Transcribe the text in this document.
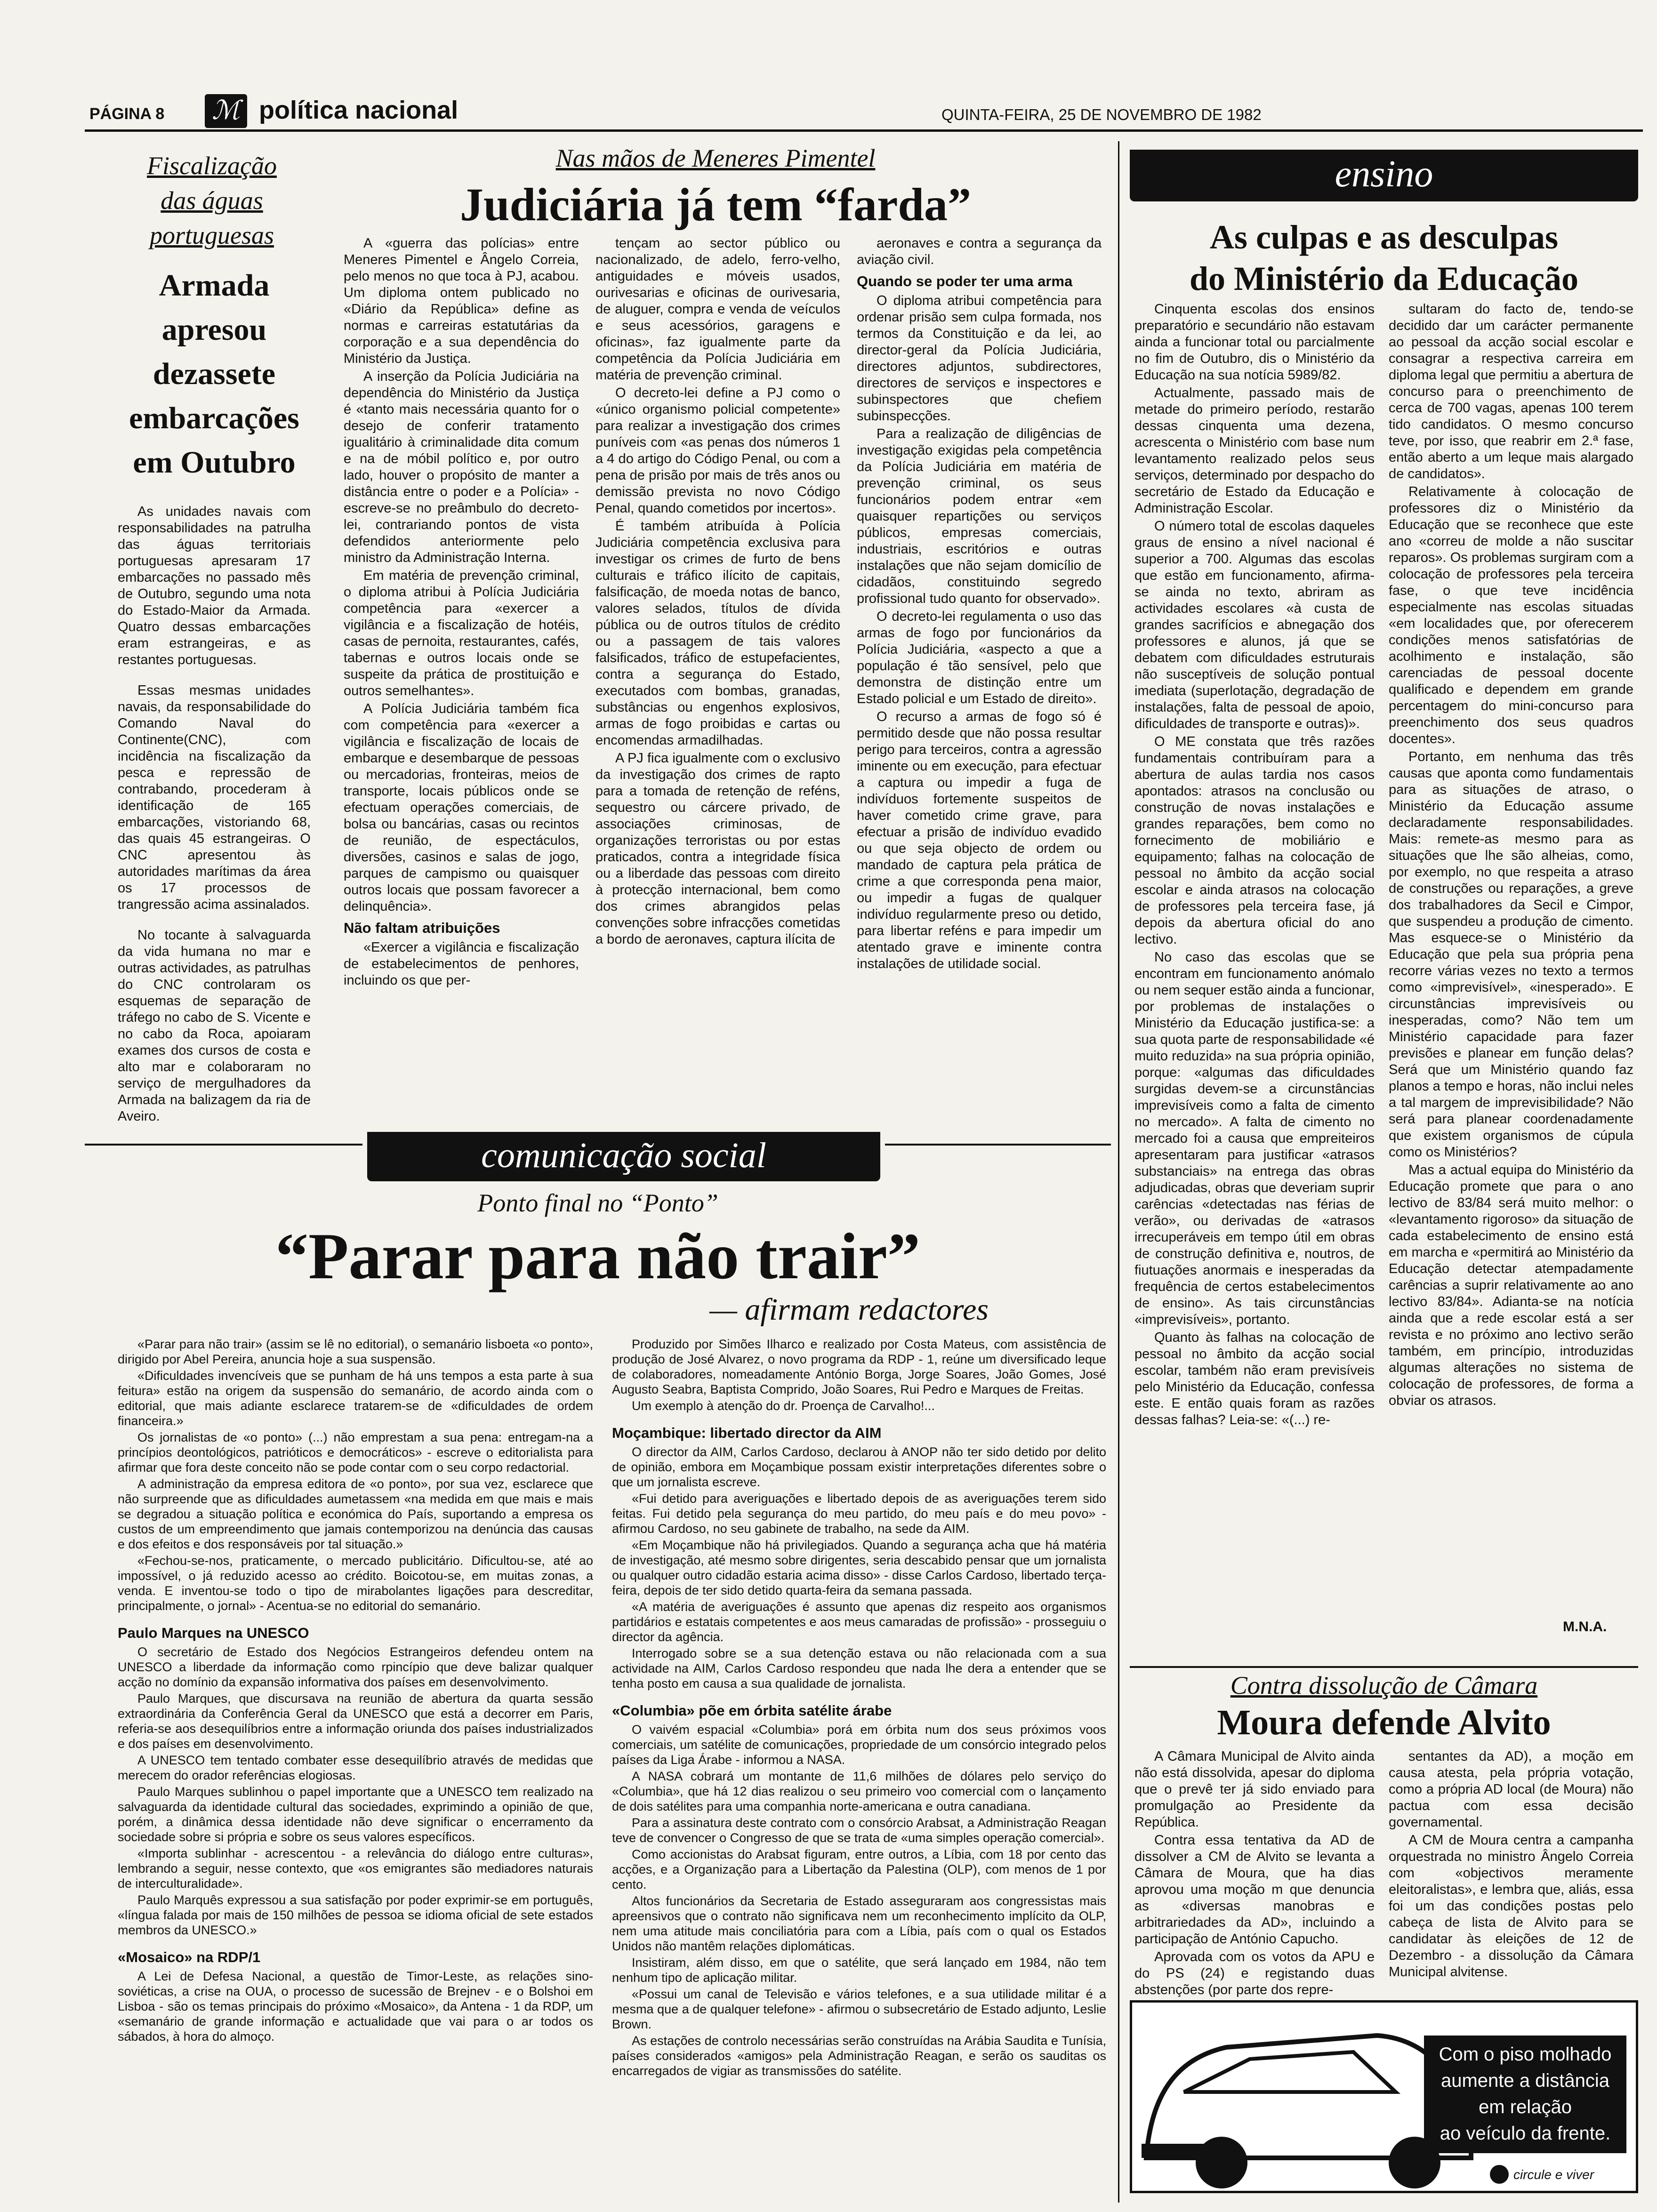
PÁGINA 8 ℳ política nacional	QUINTA-FEIRA, 25 DE NOVEMBRO DE 1982
Fiscalização
das águas
portuguesas
Armada
apresou
dezassete
embarcações
em Outubro

As unidades navais com responsabilidades na patrulha das águas territoriais portuguesas apresaram 17 embarcações no passado mês de Outubro, segundo uma nota do Estado-Maior da Armada. Quatro dessas embarcações eram estrangeiras, e as restantes portuguesas.

Essas mesmas unidades navais, da responsabilidade do Comando Naval do Continente(CNC), com incidência na fiscalização da pesca e repressão de contrabando, procederam à identificação de 165 embarcações, vistoriando 68, das quais 45 estrangeiras. O CNC apresentou às autoridades marítimas da área os 17 processos de trangressão acima assinalados.

No tocante à salvaguarda da vida humana no mar e outras actividades, as patrulhas do CNC controlaram os esquemas de separação de tráfego no cabo de S. Vicente e no cabo da Roca, apoiaram exames dos cursos de costa e alto mar e colaboraram no serviço de mergulhadores da Armada na balizagem da ria de Aveiro.

Nas mãos de Meneres Pimentel
Judiciária já tem “farda”

A «guerra das polícias» entre Meneres Pimentel e Ângelo Correia, pelo menos no que toca à PJ, acabou. Um diploma ontem publicado no «Diário da República» define as normas e carreiras estatutárias da corporação e a sua dependência do Ministério da Justiça.

A inserção da Polícia Judiciária na dependência do Ministério da Justiça é «tanto mais necessária quanto for o desejo de conferir tratamento igualitário à criminalidade dita comum e na de móbil político e, por outro lado, houver o propósito de manter a distância entre o poder e a Polícia» - escreve-se no preâmbulo do decreto-lei, contrariando pontos de vista defendidos anteriormente pelo ministro da Administração Interna.

Em matéria de prevenção criminal, o diploma atribui à Polícia Judiciária competência para «exercer a vigilância e a fiscalização de hotéis, casas de pernoita, restaurantes, cafés, tabernas e outros locais onde se suspeite da prática de prostituição e outros semelhantes».

A Polícia Judiciária também fica com competência para «exercer a vigilância e fiscalização de locais de embarque e desembarque de pessoas ou mercadorias, fronteiras, meios de transporte, locais públicos onde se efectuam operações comerciais, de bolsa ou bancárias, casas ou recintos de reunião, de espectáculos, diversões, casinos e salas de jogo, parques de campismo ou quaisquer outros locais que possam favorecer a delinquência».

Não faltam atribuições

«Exercer a vigilância e fiscalização de estabelecimentos de penhores, incluindo os que per-

tençam ao sector público ou nacionalizado, de adelo, ferro-velho, antiguidades e móveis usados, ourivesarias e oficinas de ourivesaria, de aluguer, compra e venda de veículos e seus acessórios, garagens e oficinas», faz igualmente parte da competência da Polícia Judiciária em matéria de prevenção criminal.

O decreto-lei define a PJ como o «único organismo policial competente» para realizar a investigação dos crimes puníveis com «as penas dos números 1 a 4 do artigo do Código Penal, ou com a pena de prisão por mais de três anos ou demissão prevista no novo Código Penal, quando cometidos por incertos».

É também atribuída à Polícia Judiciária competência exclusiva para investigar os crimes de furto de bens culturais e tráfico ilícito de capitais, falsificação, de moeda notas de banco, valores selados, títulos de dívida pública ou de outros títulos de crédito ou a passagem de tais valores falsificados, tráfico de estupefacientes, contra a segurança do Estado, executados com bombas, granadas, substâncias ou engenhos explosivos, armas de fogo proibidas e cartas ou encomendas armadilhadas.

A PJ fica igualmente com o exclusivo da investigação dos crimes de rapto para a tomada de retenção de reféns, sequestro ou cárcere privado, de associações criminosas, de organizações terroristas ou por estas praticados, contra a integridade física ou a liberdade das pessoas com direito à protecção internacional, bem como dos crimes abrangidos pelas convenções sobre infracções cometidas a bordo de aeronaves, captura ilícita de

aeronaves e contra a segurança da aviação civil.

Quando se poder ter uma arma

O diploma atribui competência para ordenar prisão sem culpa formada, nos termos da Constituição e da lei, ao director-geral da Polícia Judiciária, directores adjuntos, subdirectores, directores de serviços e inspectores e subinspectores que chefiem subinspecções.

Para a realização de diligências de investigação exigidas pela competência da Polícia Judiciária em matéria de prevenção criminal, os seus funcionários podem entrar «em quaisquer repartições ou serviços públicos, empresas comerciais, industriais, escritórios e outras instalações que não sejam domicílio de cidadãos, constituindo segredo profissional tudo quanto for observado».

O decreto-lei regulamenta o uso das armas de fogo por funcionários da Polícia Judiciária, «aspecto a que a população é tão sensível, pelo que demonstra de distinção entre um Estado policial e um Estado de direito».

O recurso a armas de fogo só é permitido desde que não possa resultar perigo para terceiros, contra a agressão iminente ou em execução, para efectuar a captura ou impedir a fuga de indivíduos fortemente suspeitos de haver cometido crime grave, para efectuar a prisão de indivíduo evadido ou que seja objecto de ordem ou mandado de captura pela prática de crime a que corresponda pena maior, ou impedir a fugas de qualquer indivíduo regularmente preso ou detido, para libertar reféns e para impedir um atentado grave e iminente contra instalações de utilidade social.

ensino
As culpas e as desculpas
do Ministério da Educação

Cinquenta escolas dos ensinos preparatório e secundário não estavam ainda a funcionar total ou parcialmente no fim de Outubro, dis o Ministério da Educação na sua notícia 5989/82.

Actualmente, passado mais de metade do primeiro período, restarão dessas cinquenta uma dezena, acrescenta o Ministério com base num levantamento realizado pelos seus serviços, determinado por despacho do secretário de Estado da Educação e Administração Escolar.

O número total de escolas daqueles graus de ensino a nível nacional é superior a 700. Algumas das escolas que estão em funcionamento, afirma-se ainda no texto, abriram as actividades escolares «à custa de grandes sacrifícios e abnegação dos professores e alunos, já que se debatem com dificuldades estruturais não susceptíveis de solução pontual imediata (superlotação, degradação de instalações, falta de pessoal de apoio, dificuldades de transporte e outras)».

O ME constata que três razões fundamentais contribuíram para a abertura de aulas tardia nos casos apontados: atrasos na conclusão ou construção de novas instalações e grandes reparações, bem como no fornecimento de mobiliário e equipamento; falhas na colocação de pessoal no âmbito da acção social escolar e ainda atrasos na colocação de professores pela terceira fase, já depois da abertura oficial do ano lectivo.

No caso das escolas que se encontram em funcionamento anómalo ou nem sequer estão ainda a funcionar, por problemas de instalações o Ministério da Educação justifica-se: a sua quota parte de responsabilidade «é muito reduzida» na sua própria opinião, porque: «algumas das dificuldades surgidas devem-se a circunstâncias imprevisíveis como a falta de cimento no mercado». A falta de cimento no mercado foi a causa que empreiteiros apresentaram para justificar «atrasos substanciais» na entrega das obras adjudicadas, obras que deveriam suprir carências «detectadas nas férias de verão», ou derivadas de «atrasos irrecuperáveis em tempo útil em obras de construção definitiva e, noutros, de fiutuações anormais e inesperadas da frequência de certos estabelecimentos de ensino». As tais circunstâncias «imprevisíveis», portanto.

Quanto às falhas na colocação de pessoal no âmbito da acção social escolar, também não eram previsíveis pelo Ministério da Educação, confessa este. E então quais foram as razões dessas falhas? Leia-se: «(...) re-

sultaram do facto de, tendo-se decidido dar um carácter permanente ao pessoal da acção social escolar e consagrar a respectiva carreira em diploma legal que permitiu a abertura de concurso para o preenchimento de cerca de 700 vagas, apenas 100 terem tido candidatos. O mesmo concurso teve, por isso, que reabrir em 2.ª fase, então aberto a um leque mais alargado de candidatos».

Relativamente à colocação de professores diz o Ministério da Educação que se reconhece que este ano «correu de molde a não suscitar reparos». Os problemas surgiram com a colocação de professores pela terceira fase, o que teve incidência especialmente nas escolas situadas «em localidades que, por oferecerem condições menos satisfatórias de acolhimento e instalação, são carenciadas de pessoal docente qualificado e dependem em grande percentagem do mini-concurso para preenchimento dos seus quadros docentes».

Portanto, em nenhuma das três causas que aponta como fundamentais para as situações de atraso, o Ministério da Educação assume declaradamente responsabilidades. Mais: remete-as mesmo para as situações que lhe são alheias, como, por exemplo, no que respeita a atraso de construções ou reparações, a greve dos trabalhadores da Secil e Cimpor, que suspendeu a produção de cimento. Mas esquece-se o Ministério da Educação que pela sua própria pena recorre várias vezes no texto a termos como «imprevisível», «inesperado». E circunstâncias imprevisíveis ou inesperadas, como? Não tem um Ministério capacidade para fazer previsões e planear em função delas? Será que um Ministério quando faz planos a tempo e horas, não inclui neles a tal margem de imprevisibilidade? Não será para planear coordenadamente que existem organismos de cúpula como os Ministérios?

Mas a actual equipa do Ministério da Educação promete que para o ano lectivo de 83/84 será muito melhor: o «levantamento rigoroso» da situação de cada estabelecimento de ensino está em marcha e «permitirá ao Ministério da Educação detectar atempadamente carências a suprir relativamente ao ano lectivo 83/84». Adianta-se na notícia ainda que a rede escolar está a ser revista e no próximo ano lectivo serão também, em princípio, introduzidas algumas alterações no sistema de colocação de professores, de forma a obviar os atrasos.

M.N.A.
Contra dissolução de Câmara
Moura defende Alvito

A Câmara Municipal de Alvito ainda não está dissolvida, apesar do diploma que o prevê ter já sido enviado para promulgação ao Presidente da República.

Contra essa tentativa da AD de dissolver a CM de Alvito se levanta a Câmara de Moura, que ha dias aprovou uma moção m que denuncia as «diversas manobras e arbitrariedades da AD», incluindo a participação de António Capucho.

Aprovada com os votos da APU e do PS (24) e registando duas abstenções (por parte dos repre-

sentantes da AD), a moção em causa atesta, pela própria votação, como a própria AD local (de Moura) não pactua com essa decisão governamental.

A CM de Moura centra a campanha orquestrada no ministro Ângelo Correia com «objectivos meramente eleitoralistas», e lembra que, aliás, essa foi um das condições postas pelo cabeça de lista de Alvito para se candidatar às eleições de 12 de Dezembro - a dissolução da Câmara Municipal alvitense.

Com o piso molhado
aumente a distância
em relação
ao veículo da frente.
circule e viver
comunicação social
Ponto final no “Ponto”
“Parar para não trair”
— afirmam redactores

«Parar para não trair» (assim se lê no editorial), o semanário lisboeta «o ponto», dirigido por Abel Pereira, anuncia hoje a sua suspensão.

«Dificuldades invencíveis que se punham de há uns tempos a esta parte à sua feitura» estão na origem da suspensão do semanário, de acordo ainda com o editorial, que mais adiante esclarece tratarem-se de «dificuldades de ordem financeira.»

Os jornalistas de «o ponto» (...) não emprestam a sua pena: entregam-na a princípios deontológicos, patrióticos e democráticos» - escreve o editorialista para afirmar que fora deste conceito não se pode contar com o seu corpo redactorial.

A administração da empresa editora de «o ponto», por sua vez, esclarece que não surpreende que as dificuldades aumetassem «na medida em que mais e mais se degradou a situação política e económica do País, suportando a empresa os custos de um empreendimento que jamais contemporizou na denúncia das causas e dos efeitos e dos responsáveis por tal situação.»

«Fechou-se-nos, praticamente, o mercado publicitário. Dificultou-se, até ao impossível, o já reduzido acesso ao crédito. Boicotou-se, em muitas zonas, a venda. E inventou-se todo o tipo de mirabolantes ligações para descreditar, principalmente, o jornal» - Acentua-se no editorial do semanário.

Paulo Marques na UNESCO

O secretário de Estado dos Negócios Estrangeiros defendeu ontem na UNESCO a liberdade da informação como rpincípio que deve balizar qualquer acção no domínio da expansão informativa dos países em desenvolvimento.

Paulo Marques, que discursava na reunião de abertura da quarta sessão extraordinária da Conferência Geral da UNESCO que está a decorrer em Paris, referia-se aos desequilíbrios entre a informação oriunda dos países industrializados e dos países em desenvolvimento.

A UNESCO tem tentado combater esse desequilíbrio através de medidas que merecem do orador referências elogiosas.

Paulo Marques sublinhou o papel importante que a UNESCO tem realizado na salvaguarda da identidade cultural das sociedades, exprimindo a opinião de que, porém, a dinâmica dessa identidade não deve significar o encerramento da sociedade sobre si própria e sobre os seus valores específicos.

«Importa sublinhar - acrescentou - a relevância do diálogo entre culturas», lembrando a seguir, nesse contexto, que «os emigrantes são mediadores naturais de interculturalidade».

Paulo Marquês expressou a sua satisfação por poder exprimir-se em português, «língua falada por mais de 150 milhões de pessoa se idioma oficial de sete estados membros da UNESCO.»

«Mosaico» na RDP/1

A Lei de Defesa Nacional, a questão de Timor-Leste, as relações sino-soviéticas, a crise na OUA, o processo de sucessão de Brejnev - e o Bolshoi em Lisboa - são os temas principais do próximo «Mosaico», da Antena - 1 da RDP, um «semanário de grande informação e actualidade que vai para o ar todos os sábados, à hora do almoço.

Produzido por Simões Ilharco e realizado por Costa Mateus, com assistência de produção de José Alvarez, o novo programa da RDP - 1, reúne um diversificado leque de colaboradores, nomeadamente António Borga, Jorge Soares, João Gomes, José Augusto Seabra, Baptista Comprido, João Soares, Rui Pedro e Marques de Freitas.

Um exemplo à atenção do dr. Proença de Carvalho!...

Moçambique: libertado director da AIM

O director da AIM, Carlos Cardoso, declarou à ANOP não ter sido detido por delito de opinião, embora em Moçambique possam existir interpretações diferentes sobre o que um jornalista escreve.

«Fui detido para averiguações e libertado depois de as averiguações terem sido feitas. Fui detido pela segurança do meu partido, do meu país e do meu povo» - afirmou Cardoso, no seu gabinete de trabalho, na sede da AIM.

«Em Moçambique não há privilegiados. Quando a segurança acha que há matéria de investigação, até mesmo sobre dirigentes, seria descabido pensar que um jornalista ou qualquer outro cidadão estaria acima disso» - disse Carlos Cardoso, libertado terça-feira, depois de ter sido detido quarta-feira da semana passada.

«A matéria de averiguações é assunto que apenas diz respeito aos organismos partidários e estatais competentes e aos meus camaradas de profissão» - prosseguiu o director da agência.

Interrogado sobre se a sua detenção estava ou não relacionada com a sua actividade na AIM, Carlos Cardoso respondeu que nada lhe dera a entender que se tenha posto em causa a sua qualidade de jornalista.

«Columbia» põe em órbita satélite árabe

O vaivém espacial «Columbia» porá em órbita num dos seus próximos voos comerciais, um satélite de comunicações, propriedade de um consórcio integrado pelos países da Liga Árabe - informou a NASA.

A NASA cobrará um montante de 11,6 milhões de dólares pelo serviço do «Columbia», que há 12 dias realizou o seu primeiro voo comercial com o lançamento de dois satélites para uma companhia norte-americana e outra canadiana.

Para a assinatura deste contrato com o consórcio Arabsat, a Administração Reagan teve de convencer o Congresso de que se trata de «uma simples operação comercial».

Como accionistas do Arabsat figuram, entre outros, a Líbia, com 18 por cento das acções, e a Organização para a Libertação da Palestina (OLP), com menos de 1 por cento.

Altos funcionários da Secretaria de Estado asseguraram aos congressistas mais apreensivos que o contrato não significava nem um reconhecimento implícito da OLP, nem uma atitude mais conciliatória para com a Líbia, país com o qual os Estados Unidos não mantêm relações diplomáticas.

Insistiram, além disso, em que o satélite, que será lançado em 1984, não tem nenhum tipo de aplicação militar.

«Possui um canal de Televisão e vários telefones, e a sua utilidade militar é a mesma que a de qualquer telefone» - afirmou o subsecretário de Estado adjunto, Leslie Brown.

As estações de controlo necessárias serão construídas na Arábia Saudita e Tunísia, países considerados «amigos» pela Administração Reagan, e serão os sauditas os encarregados de vigiar as transmissões do satélite.
